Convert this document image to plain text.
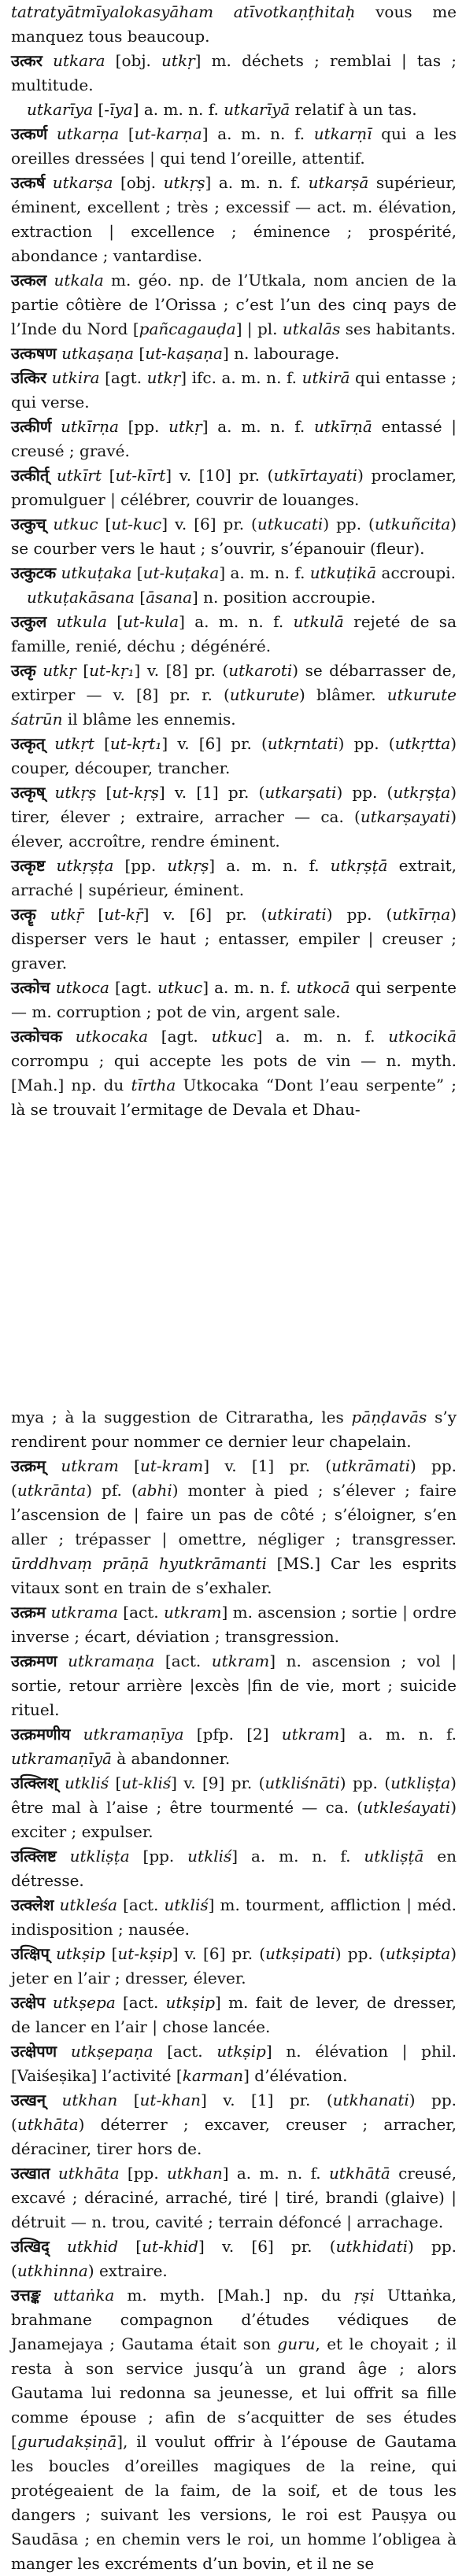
tatratyātmīyalokasyāham atīvotkaṇṭhitaḥ vous me manquez tous beaucoup.

उत्कर utkara [obj. utkṛ] m. déchets ; remblai | tas ; multitude.

utkarīya [-īya] a. m. n. f. utkarīyā relatif à un tas.

उत्कर्ण utkarṇa [ut-karṇa] a. m. n. f. utkarṇī qui a les oreilles dressées | qui tend l’oreille, attentif.

उत्कर्ष utkarṣa [obj. utkṛṣ] a. m. n. f. utkarṣā supérieur, éminent, excellent ; très ; excessif — act. m. élévation, extraction | excellence ; éminence ; prospérité, abondance ; vantardise.

उत्कल utkala m. géo. np. de l’Utkala, nom ancien de la partie côtière de l’Orissa ; c’est l’un des cinq pays de l’Inde du Nord [pañcagauḍa] | pl. utkalās ses habitants.

उत्कषण utkaṣaṇa [ut-kaṣaṇa] n. labourage.

उत्किर utkira [agt. utkṛ] ifc. a. m. n. f. utkirā qui entasse ; qui verse.

उत्कीर्ण utkīrṇa [pp. utkṛ] a. m. n. f. utkīrṇā entassé | creusé ; gravé.

उत्कीर्त् utkīrt [ut-kīrt] v. [10] pr. (utkīrtayati) proclamer, promulguer | célébrer, couvrir de louanges.

उत्कुच् utkuc [ut-kuc] v. [6] pr. (utkucati) pp. (utkuñcita) se courber vers le haut ; s’ouvrir, s’épanouir (fleur).

उत्कुटक utkuṭaka [ut-kuṭaka] a. m. n. f. utkuṭikā accroupi.

utkuṭakāsana [āsana] n. position accroupie.

उत्कुल utkula [ut-kula] a. m. n. f. utkulā rejeté de sa famille, renié, déchu ; dégénéré.

उत्कृ utkṛ [ut-kṛ₁] v. [8] pr. (utkaroti) se débarrasser de, extirper — v. [8] pr. r. (utkurute) blâmer. utkurute śatrūn il blâme les ennemis.

उत्कृत् utkṛt [ut-kṛt₁] v. [6] pr. (utkṛntati) pp. (utkṛtta) couper, découper, trancher.

उत्कृष् utkṛṣ [ut-kṛṣ] v. [1] pr. (utkarṣati) pp. (utkṛṣṭa) tirer, élever ; extraire, arracher — ca. (utkarṣayati) élever, accroître, rendre éminent.

उत्कृष्ट utkṛṣṭa [pp. utkṛṣ] a. m. n. f. utkṛṣṭā extrait, arraché | supérieur, éminent.

उत्कॄ utkṝ [ut-kṝ] v. [6] pr. (utkirati) pp. (utkīrṇa) disperser vers le haut ; entasser, empiler | creuser ; graver.

उत्कोच utkoca [agt. utkuc] a. m. n. f. utkocā qui serpente — m. corruption ; pot de vin, argent sale.

उत्कोचक utkocaka [agt. utkuc] a. m. n. f. utkocikā corrompu ; qui accepte les pots de vin — n. myth. [Mah.] np. du tīrtha Utkocaka “Dont l’eau serpente” ; là se trouvait l’ermitage de Devala et Dhau-

mya ; à la suggestion de Citraratha, les pāṇḍavās s’y rendirent pour nommer ce dernier leur chapelain.

उत्क्रम् utkram [ut-kram] v. [1] pr. (utkrāmati) pp. (utkrānta) pf. (abhi) monter à pied ; s’élever ; faire l’ascension de | faire un pas de côté ; s’éloigner, s’en aller ; trépasser | omettre, négliger ; transgresser. ūrddhvaṃ prāṇā hyutkrāmanti [MS.] Car les esprits vitaux sont en train de s’exhaler.

उत्क्रम utkrama [act. utkram] m. ascension ; sortie | ordre inverse ; écart, déviation ; transgression.

उत्क्रमण utkramaṇa [act. utkram] n. ascension ; vol | sortie, retour arrière |excès |fin de vie, mort ; suicide rituel.

उत्क्रमणीय utkramaṇīya [pfp. [2] utkram] a. m. n. f. utkramaṇīyā à abandonner.

उत्क्लिश् utkliś [ut-kliś] v. [9] pr. (utkliśnāti) pp. (utkliṣṭa) être mal à l’aise ; être tourmenté — ca. (utkleśayati) exciter ; expulser.

उत्क्लिष्ट utkliṣṭa [pp. utkliś] a. m. n. f. utkliṣṭā en détresse.

उत्क्लेश utkleśa [act. utkliś] m. tourment, affliction | méd. indisposition ; nausée.

उत्क्षिप् utkṣip [ut-kṣip] v. [6] pr. (utkṣipati) pp. (utkṣipta) jeter en l’air ; dresser, élever.

उत्क्षेप utkṣepa [act. utkṣip] m. fait de lever, de dresser, de lancer en l’air | chose lancée.

उत्क्षेपण utkṣepaṇa [act. utkṣip] n. élévation | phil. [Vaiśeṣika] l’activité [karman] d’élévation.

उत्खन् utkhan [ut-khan] v. [1] pr. (utkhanati) pp. (utkhāta) déterrer ; excaver, creuser ; arracher, déraciner, tirer hors de.

उत्खात utkhāta [pp. utkhan] a. m. n. f. utkhātā creusé, excavé ; déraciné, arraché, tiré | tiré, brandi (glaive) | détruit — n. trou, cavité ; terrain défoncé | arrachage.

उत्खिद् utkhid [ut-khid] v. [6] pr. (utkhidati) pp. (utkhinna) extraire.

उत्तङ्क uttaṅka m. myth. [Mah.] np. du ṛṣi Uttaṅka, brahmane compagnon d’études védiques de Janamejaya ; Gautama était son guru, et le choyait ; il resta à son service jusqu’à un grand âge ; alors Gautama lui redonna sa jeunesse, et lui offrit sa fille comme épouse ; afin de s’acquitter de ses études [gurudakṣiṇā], il voulut offrir à l’épouse de Gautama les boucles d’oreilles magiques de la reine, qui protégeaient de la faim, de la soif, et de tous les dangers ; suivant les versions, le roi est Pauṣya ou Saudāsa ; en chemin vers le roi, un homme l’obligea à manger les excréments d’un bovin, et il ne se
